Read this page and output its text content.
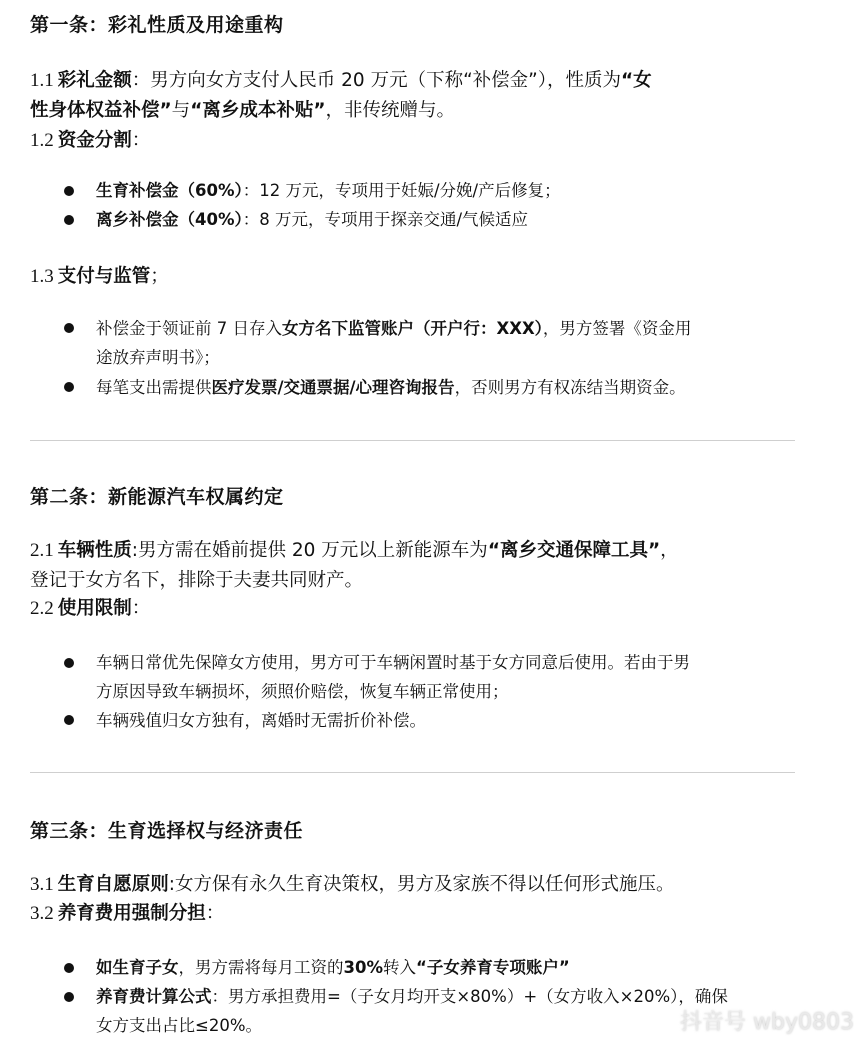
第一条：彩礼性质及用途重构
1.1 彩礼金额：男方向女方支付人民币 20 万元（下称“补偿金”），性质为“女
性身体权益补偿”与“离乡成本补贴”，非传统赠与。
1.2 资金分割：
生育补偿金（60%）：12 万元，专项用于妊娠/分娩/产后修复；
离乡补偿金（40%）：8 万元，专项用于探亲交通/气候适应
1.3 支付与监管；
补偿金于领证前 7 日存入女方名下监管账户（开户行：XXX），男方签署《资金用
途放弃声明书》；
每笔支出需提供医疗发票/交通票据/心理咨询报告，否则男方有权冻结当期资金。
第二条：新能源汽车权属约定
2.1 车辆性质:男方需在婚前提供 20 万元以上新能源车为“离乡交通保障工具”，
登记于女方名下，排除于夫妻共同财产。
2.2 使用限制：
车辆日常优先保障女方使用，男方可于车辆闲置时基于女方同意后使用。若由于男
方原因导致车辆损坏，须照价赔偿，恢复车辆正常使用；
车辆残值归女方独有，离婚时无需折价补偿。
第三条：生育选择权与经济责任
3.1 生育自愿原则:女方保有永久生育决策权，男方及家族不得以任何形式施压。
3.2 养育费用强制分担：
如生育子女，男方需将每月工资的30%转入“子女养育专项账户”
养育费计算公式：男方承担费用=（子女月均开支×80%）+（女方收入×20%），确保
女方支出占比≤20%。	抖音号 wby0803
